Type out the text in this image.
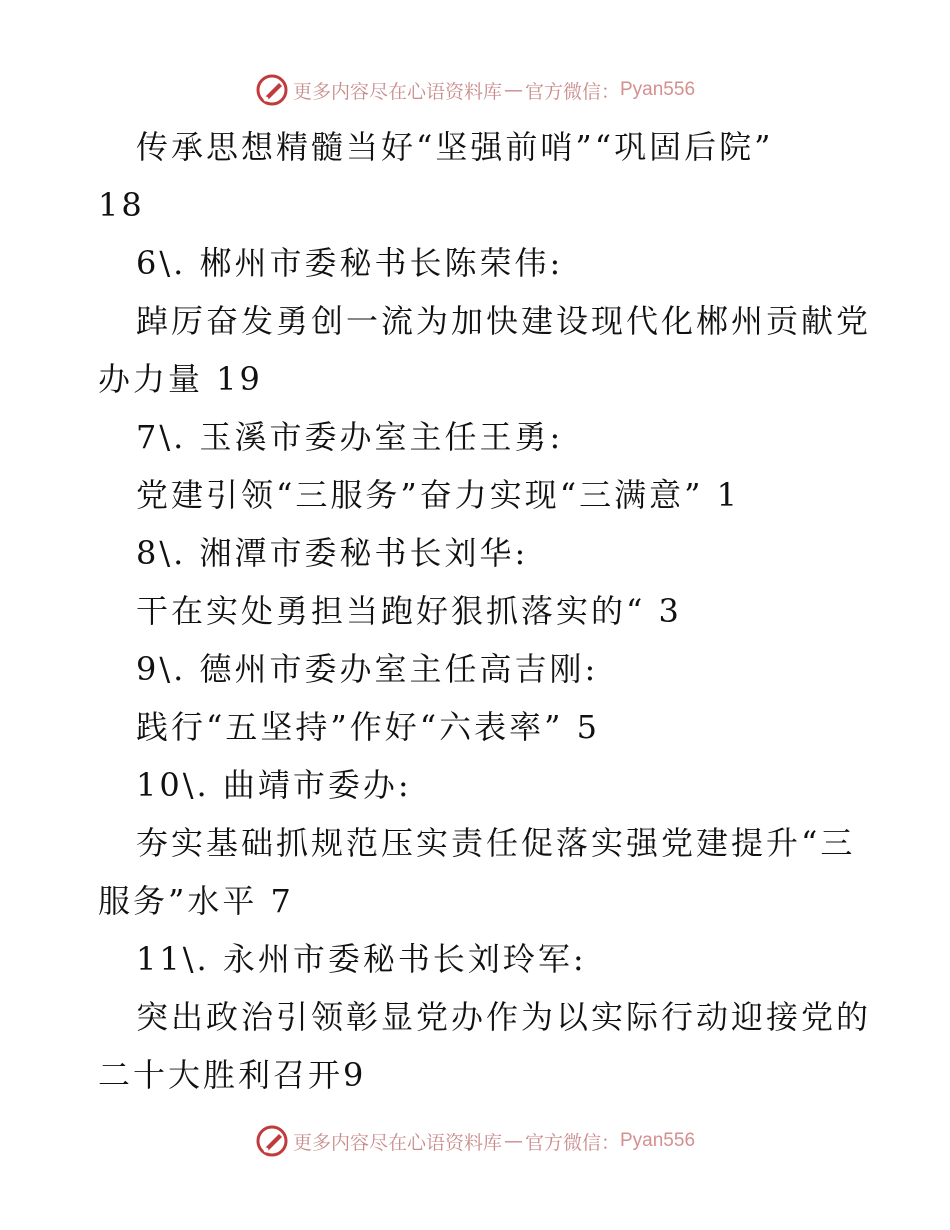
更多内容尽在心语资料库 — 官方微信： Pyan556
传承思想精髓当好“坚强前哨”“巩固后院”
18
6\. 郴州市委秘书长陈荣伟:
踔厉奋发勇创一流为加快建设现代化郴州贡献党
办力量 19
7\. 玉溪市委办室主任王勇:
党建引领“三服务”奋力实现“三满意” 1
8\. 湘潭市委秘书长刘华:
干在实处勇担当跑好狠抓落实的“ 3
9\. 德州市委办室主任高吉刚:
践行“五坚持”作好“六表率” 5
10\. 曲靖市委办:
夯实基础抓规范压实责任促落实强党建提升“三
服务”水平 7
11\. 永州市委秘书长刘玲军:
突出政治引领彰显党办作为以实际行动迎接党的
二十大胜利召开9
更多内容尽在心语资料库 — 官方微信： Pyan556
